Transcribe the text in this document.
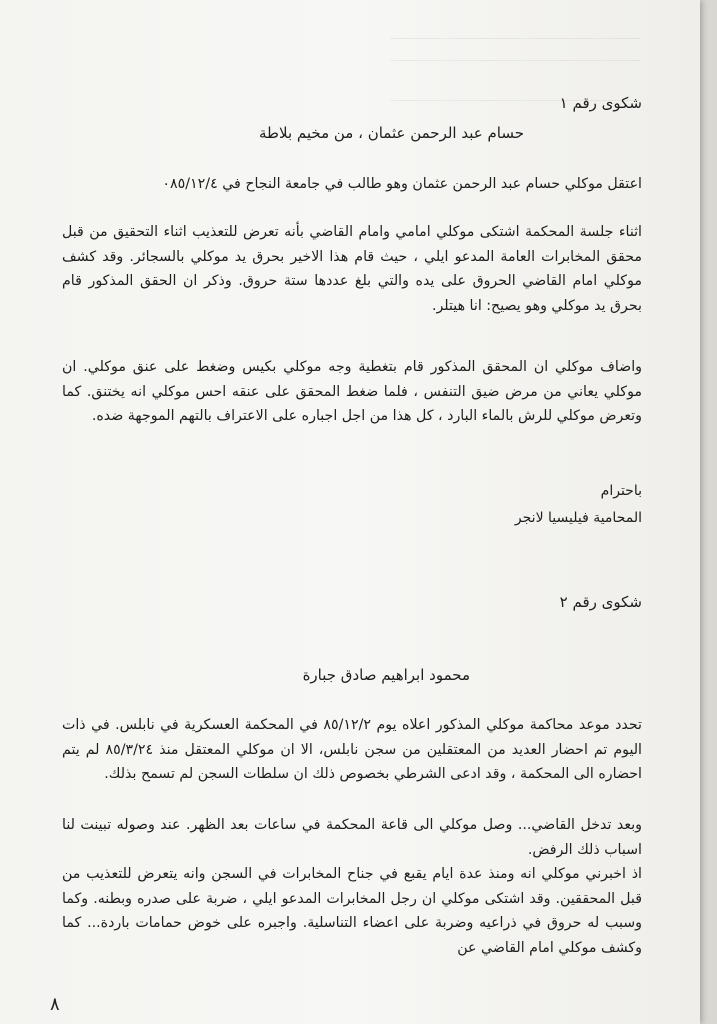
شكوى رقم ١
حسام عبد الرحمن عثمان ، من مخيم بلاطة
اعتقل موكلي حسام عبد الرحمن عثمان وهو طالب في جامعة النجاح في ٠٨٥/١٢/٤
اثناء جلسة المحكمة اشتكى موكلي امامي وامام القاضي بأنه تعرض للتعذيب اثناء التحقيق من قبل محقق المخابرات العامة المدعو ايلي ، حيث قام هذا الاخير بحرق يد موكلي بالسجائر. وقد كشف موكلي امام القاضي الحروق على يده والتي بلغ عددها ستة حروق. وذكر ان الحقق المذكور قام بحرق يد موكلي وهو يصيح: انا هيتلر.
واضاف موكلي ان المحقق المذكور قام بتغطية وجه موكلي بكيس وضغط على عنق موكلي. ان موكلي يعاني من مرض ضيق التنفس ، فلما ضغط المحقق على عنقه احس موكلي انه يختنق. كما وتعرض موكلي للرش بالماء البارد ، كل هذا من اجل اجباره على الاعتراف بالتهم الموجهة ضده.
باحترام
المحامية فيليسيا لانجر
شكوى رقم ٢
محمود ابراهيم صادق جبارة
تحدد موعد محاكمة موكلي المذكور اعلاه يوم ٨٥/١٢/٢ في المحكمة العسكرية في نابلس. في ذات اليوم تم احضار العديد من المعتقلين من سجن نابلس، الا ان موكلي المعتقل منذ ٨٥/٣/٢٤ لم يتم احضاره الى المحكمة ، وقد ادعى الشرطي بخصوص ذلك ان سلطات السجن لم تسمح بذلك.
وبعد تدخل القاضي... وصل موكلي الى قاعة المحكمة في ساعات بعد الظهر. عند وصوله تبينت لنا اسباب ذلك الرفض.
اذ اخبرني موكلي انه ومنذ عدة ايام يقبع في جناح المخابرات في السجن وانه يتعرض للتعذيب من قبل المحققين. وقد اشتكى موكلي ان رجل المخابرات المدعو ايلي ، ضربة على صدره وبطنه. وكما وسبب له حروق في ذراعيه وضربة على اعضاء التناسلية. واجبره على خوض حمامات باردة... كما وكشف موكلي امام القاضي عن
٨
